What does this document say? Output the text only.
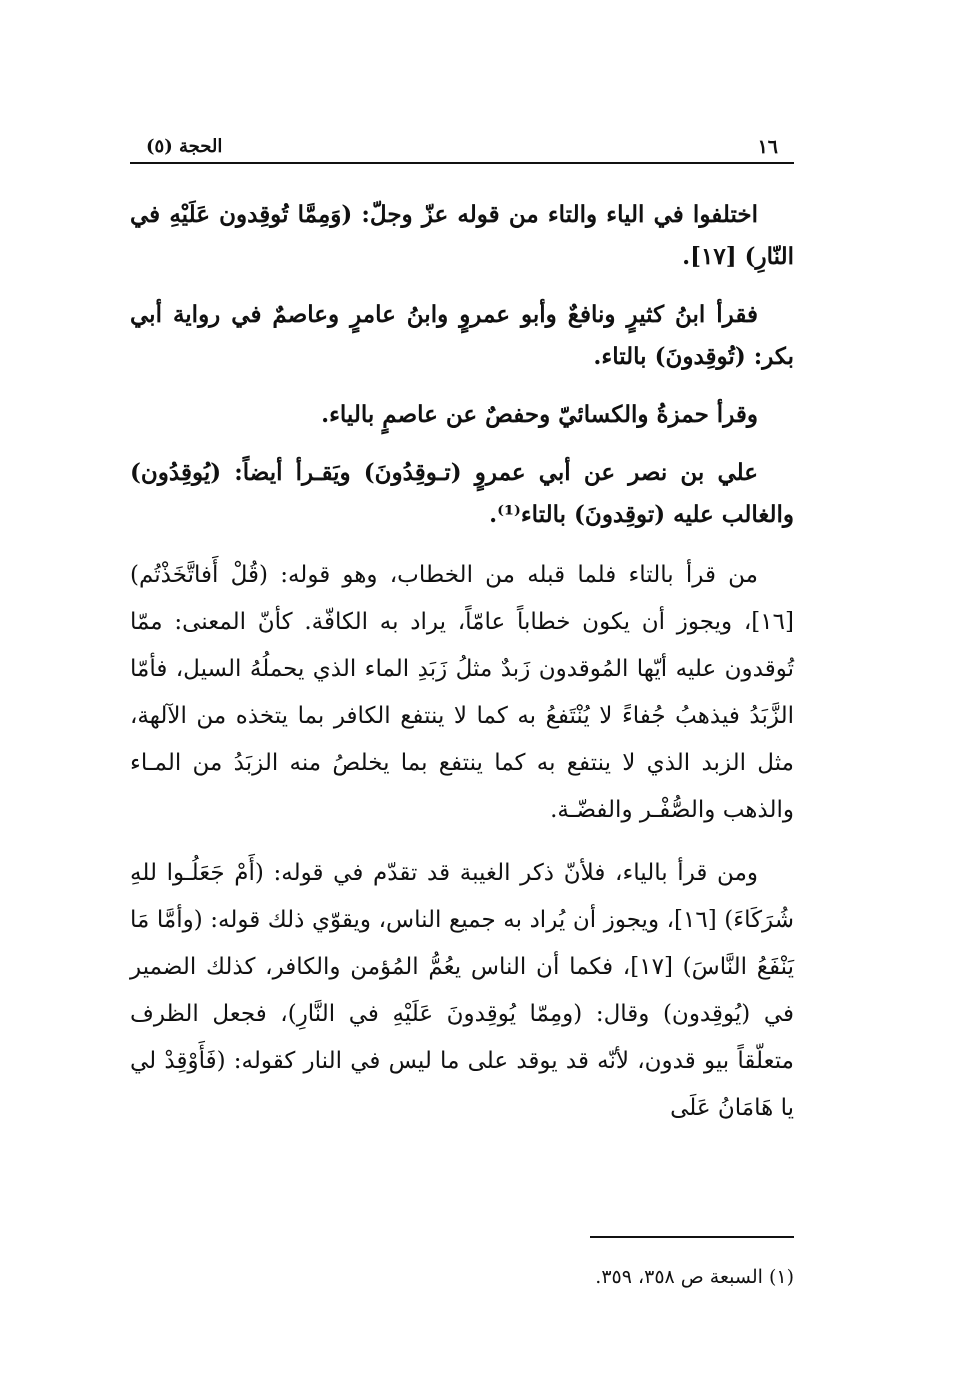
١٦
الحجة (٥)

اختلفوا في الياء والتاء من قوله عزّ وجلّ: (وَمِمَّا تُوقِدون عَلَيْهِ في النّارِ) [١٧].

فقرأ ابنُ كثيرٍ ونافعٌ وأبو عمروٍ وابنُ عامرٍ وعاصمٌ في رواية أبي بكر: (تُوقِدونَ) بالتاء.

وقرأ حمزةُ والكسائيّ وحفصٌ عن عاصمٍ بالياء.

علي بن نصر عن أبي عمروٍ (تـوقِدُونَ) ويَقـرأ أيضاً: (يُوقِدُون) والغالب عليه (توقِدونَ) بالتاء⁽¹⁾.

من قرأ بالتاء فلما قبله من الخطاب، وهو قوله: (قُلْ أَفاتَّخَذْتُم) [١٦]، ويجوز أن يكون خطاباً عامّاً، يراد به الكافّة. كأنّ المعنى: ممّا تُوقدون عليه أيّها المُوقدون زَبدٌ مثلُ زَبَدِ الماء الذي يحملُهُ السيل، فأمّا الزَّبَدُ فيذهبُ جُفاءً لا يُنْتَفعُ به كما لا ينتفع الكافر بما يتخذه من الآلهة، مثل الزبد الذي لا ينتفع به كما ينتفع بما يخلصُ منه الزبَدُ من المـاء والذهب والصُّفْـر والفضّـة.

ومن قرأ بالياء، فلأنّ ذكر الغيبة قد تقدّم في قوله: (أَمْ جَعَلُـوا للهِ شُرَكَاءَ) [١٦]، ويجوز أن يُراد به جميع الناس، ويقوّي ذلك قوله: (وأمَّا مَا يَنْفَعُ النَّاسَ) [١٧]، فكما أن الناس يعُمُّ المُؤمن والكافر، كذلك الضمير في (يُوقِدون) وقال: (ومِمّا يُوقِدونَ عَلَيْهِ في النَّارِ)، فجعل الظرف متعلّقاً بيو قدون، لأنّه قد يوقد على ما ليس في النار كقوله: (فَأَوْقِدْ لي يا هَامَانُ عَلَى

(١) السبعة ص ٣٥٨، ٣٥٩.
